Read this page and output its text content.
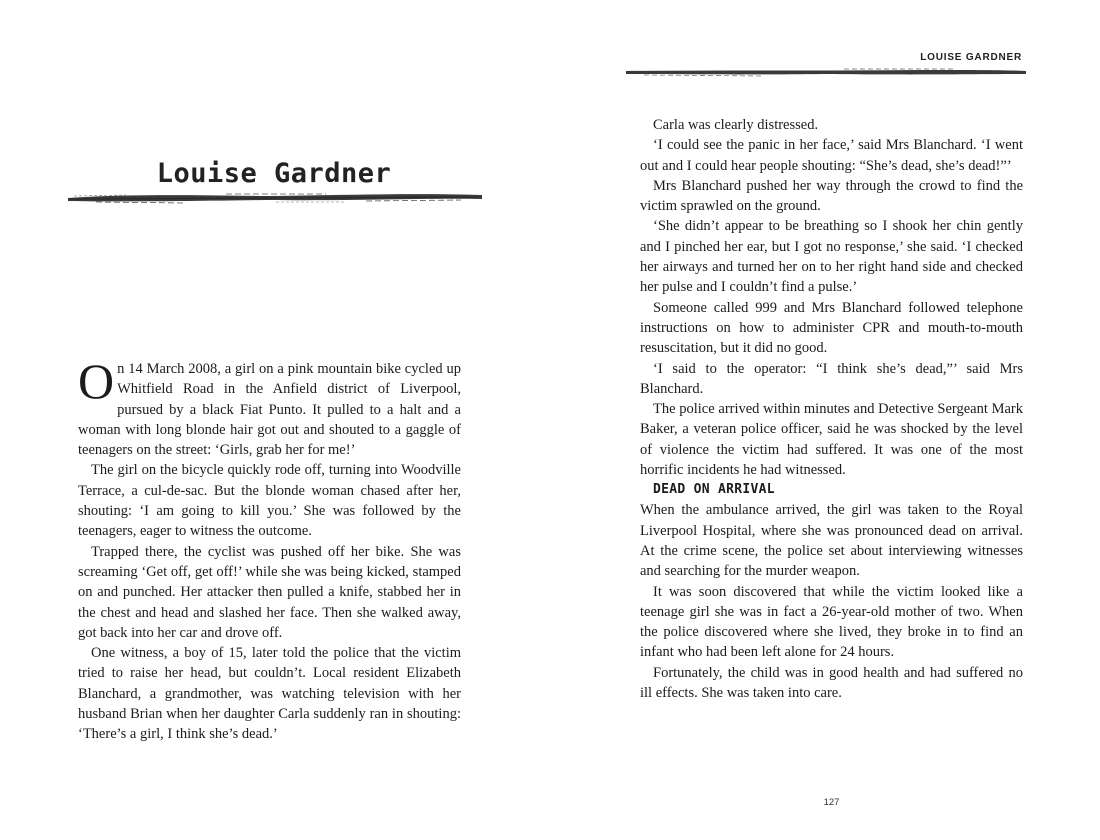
Louise Gardner

On 14 March 2008, a girl on a pink mountain bike cycled up Whitfield Road in the Anfield district of Liverpool, pursued by a black Fiat Punto. It pulled to a halt and a woman with long blonde hair got out and shouted to a gaggle of teenagers on the street: ‘Girls, grab her for me!’

The girl on the bicycle quickly rode off, turning into Woodville Terrace, a cul-de-sac. But the blonde woman chased after her, shouting: ‘I am going to kill you.’ She was followed by the teenagers, eager to witness the outcome.

Trapped there, the cyclist was pushed off her bike. She was screaming ‘Get off, get off!’ while she was being kicked, stamped on and punched. Her attacker then pulled a knife, stabbed her in the chest and head and slashed her face. Then she walked away, got back into her car and drove off.

One witness, a boy of 15, later told the police that the victim tried to raise her head, but couldn’t. Local resident Elizabeth Blanchard, a grandmother, was watching television with her husband Brian when her daughter Carla suddenly ran in shouting: ‘There’s a girl, I think she’s dead.’

LOUISE GARDNER

Carla was clearly distressed.

‘I could see the panic in her face,’ said Mrs Blanchard. ‘I went out and I could hear people shouting: “She’s dead, she’s dead!”’

Mrs Blanchard pushed her way through the crowd to find the victim sprawled on the ground.

‘She didn’t appear to be breathing so I shook her chin gently and I pinched her ear, but I got no response,’ she said. ‘I checked her airways and turned her on to her right hand side and checked her pulse and I couldn’t find a pulse.’

Someone called 999 and Mrs Blanchard followed telephone instructions on how to administer CPR and mouth-to-mouth resuscitation, but it did no good.

‘I said to the operator: “I think she’s dead,”’ said Mrs Blanchard.

The police arrived within minutes and Detective Sergeant Mark Baker, a veteran police officer, said he was shocked by the level of violence the victim had suffered. It was one of the most horrific incidents he had witnessed.

DEAD ON ARRIVAL

When the ambulance arrived, the girl was taken to the Royal Liverpool Hospital, where she was pronounced dead on arrival. At the crime scene, the police set about interviewing witnesses and searching for the murder weapon.

It was soon discovered that while the victim looked like a teenage girl she was in fact a 26-year-old mother of two. When the police discovered where she lived, they broke in to find an infant who had been left alone for 24 hours.

Fortunately, the child was in good health and had suffered no ill effects. She was taken into care.

127
